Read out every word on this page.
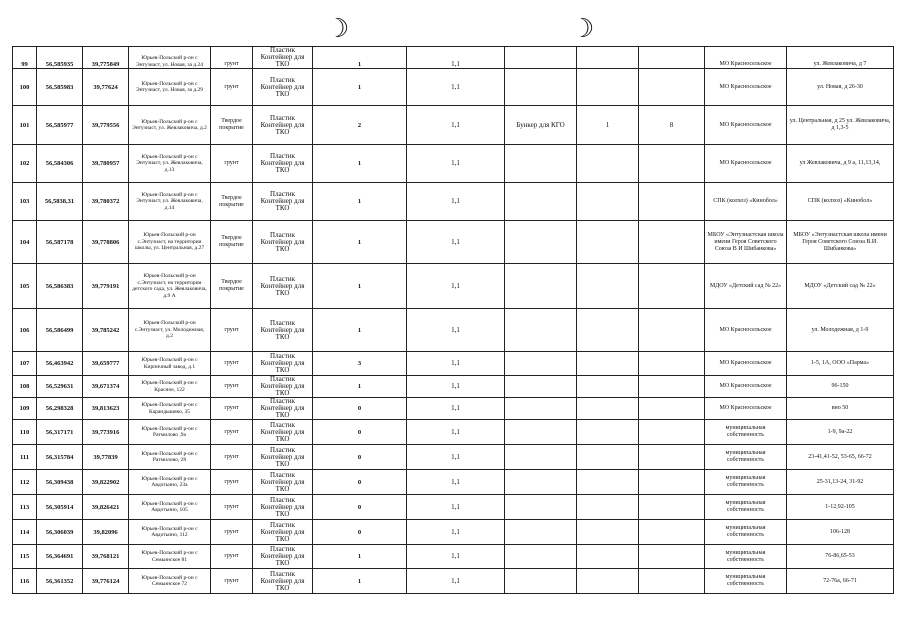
☽	☽
99	56,585935	39,775849	Юрьев-Польский р-он с Энтузиаст, ул. Новая, за д.24	грунт	Пластик Контейнер для ТКО	1	1,1				МО Красносельское	ул. Жевлаковича, д 7
100	56,585983	39,77624	Юрьев-Польский р-он с Энтузиаст, ул. Новая, за д.29	грунт	Пластик Контейнер для ТКО	1	1,1				МО Красносельское	ул. Новая, д 26-30
101	56,585977	39,779556	Юрьев-Польский р-он с Энтузиаст, ул. Жевлаковича, д.2	Твердое покрытие	Пластик Контейнер для ТКО	2	1,1	Бункер для КГО	1	8	МО Красносельское	ул. Центральная, д 25 ул. Жевлаковича, д 1,3-5
102	56,584306	39,780957	Юрьев-Польский р-он с Энтузиаст, ул. Жевлаковича, д.13	грунт	Пластик Контейнер для ТКО	1	1,1				МО Красносельское	ул Жевлаковича, д 9 а, 11,13,14,
103	56,5838,31	39,780372	Юрьев-Польский р-он с Энтузиаст, ул. Жевлаковича, д.14	Твердое покрытие	Пластик Контейнер для ТКО	1	1,1				СПК (колхоз) «Кинобол»	СПК (колхоз) «Кинобол»
104	56,587178	39,778806	Юрьев-Польский р-он с.Энтузиаст, на территории школы, ул. Центральная, д.27	Твердое покрытие	Пластик Контейнер для ТКО	1	1,1				МБОУ «Энтузиастская школа имени Героя Советского Союза В И Шибанкова»	МБОУ «Энтузиастская школа имени Героя Советского Союза В.И. Шибанкова»
105	56,586383	39,779191	Юрьев-Польский р-он с.Энтузиаст, на территории детского сада, ул. Жевлаковича, д.9 А	Твердое покрытие	Пластик Контейнер для ТКО	1	1,1				МДОУ «Детский сад № 22»	МДОУ «Детский сад № 22»
106	56,586499	39,785242	Юрьев-Польский р-он с.Энтузиаст, ул. Молодежная, д.2	грунт	Пластик Контейнер для ТКО	1	1,1				МО Красносельское	ул. Молодежная, д 1-9
107	56,463942	39,659777	Юрьев-Польский р-он с Кирпичный завод, д.1	грунт	Пластик Контейнер для ТКО	3	1,1				МО Красносельское	1-5, 1А, ООО «Парма»
108	56,529631	39,671374	Юрьев-Польский р-он с Красное, 122	грунт	Пластик Контейнер для ТКО	1	1,1				МО Красносельское	96-150
109	56,298328	39,813623	Юрьев-Польский р-он с Карандышево, 35	грунт	Пластик Контейнер для ТКО	0	1,1				МО Красносельское	вно 50
110	56,317171	39,773916	Юрьев-Польский р-он с Ратмилово ,9а	грунт	Пластик Контейнер для ТКО	0	1,1				муниципальная собственность	1-9, 9а-22
111	56,315784	39,77839	Юрьев-Польский р-он с Ратмилово, 28	грунт	Пластик Контейнер для ТКО	0	1,1				муниципальная собственность	23-41,41-52, 53-65, 66-72
112	56,309438	39,822902	Юрьев-Польский р-он с Авдотьино, 23а	грунт	Пластик Контейнер для ТКО	0	1,1				муниципальная собственность	25-31,13-24, 31-92
113	56,305914	39,826421	Юрьев-Польский р-он с Авдотьино, 105	грунт	Пластик Контейнер для ТКО	0	1,1				муниципальная собственность	1-12,92-105
114	56,306039	39,82096	Юрьев-Польский р-он с Авдотьино, 112	грунт	Пластик Контейнер для ТКО	0	1,1				муниципальная собственность	106-128
115	56,364691	39,768121	Юрьев-Польский р-он с Семьинское 81	грунт	Пластик Контейнер для ТКО	1	1,1				муниципальная собственность	76-86,65-53
116	56,361352	39,776124	Юрьев-Польский р-он с Семьинское 72	грунт	Пластик Контейнер для ТКО	1	1,1				муниципальная собственность	72-76а, 66-71
